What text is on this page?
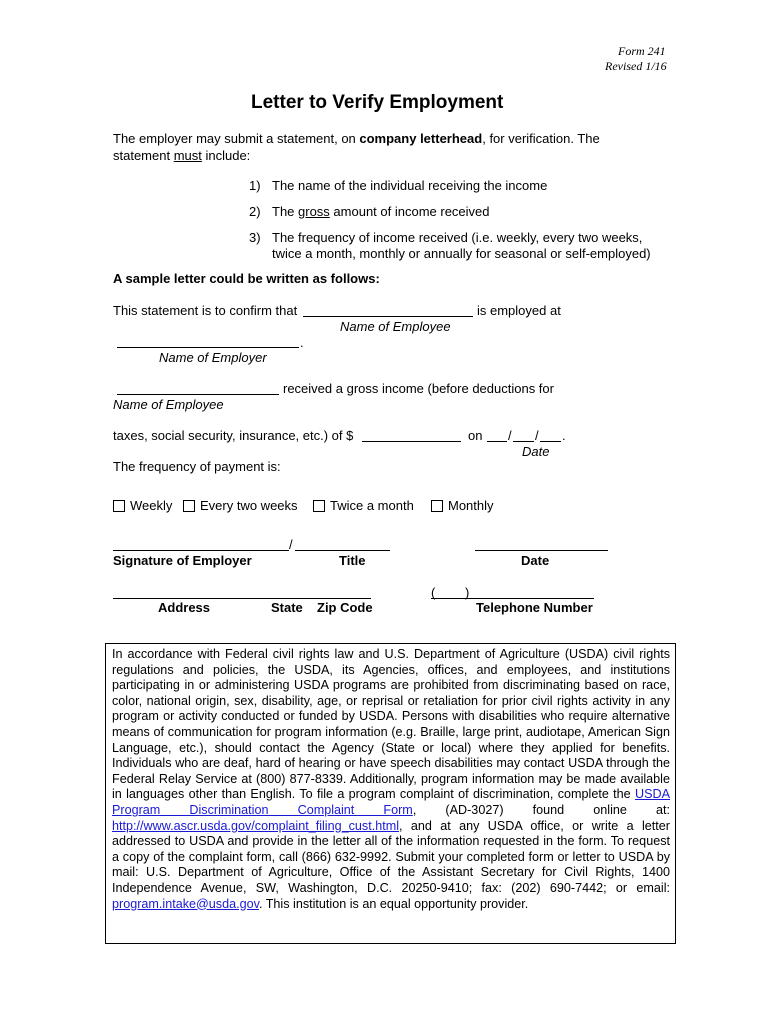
Form 241
Revised 1/16
Letter to Verify Employment
The employer may submit a statement, on company letterhead, for verification. The
statement must include:
1) The name of the individual receiving the income
2) The gross amount of income received
3) The frequency of income received (i.e. weekly, every two weeks,
twice a month, monthly or annually for seasonal or self-employed)
A sample letter could be written as follows:
This statement is to confirm that	is employed at
Name of Employee
.
Name of Employer
received a gross income (before deductions for
Name of Employee
taxes, social security, insurance, etc.) of $	on / / .
Date
The frequency of payment is:
Weekly	Every two weeks	Twice a month	Monthly
/
Signature of Employer	Title	Date
( )
Address	State Zip Code	Telephone Number
In accordance with Federal civil rights law and U.S. Department of Agriculture (USDA) civil rights regulations and policies, the USDA, its Agencies, offices, and employees, and institutions participating in or administering USDA programs are prohibited from discriminating based on race, color, national origin, sex, disability, age, or reprisal or retaliation for prior civil rights activity in any program or activity conducted or funded by USDA. Persons with disabilities who require alternative means of communication for program information (e.g. Braille, large print, audiotape, American Sign Language, etc.), should contact the Agency (State or local) where they applied for benefits. Individuals who are deaf, hard of hearing or have speech disabilities may contact USDA through the Federal Relay Service at (800) 877-8339. Additionally, program information may be made available in languages other than English. To file a program complaint of discrimination, complete the USDA Program Discrimination Complaint Form, (AD-3027) found online at: http://www.ascr.usda.gov/complaint_filing_cust.html, and at any USDA office, or write a letter addressed to USDA and provide in the letter all of the information requested in the form. To request a copy of the complaint form, call (866) 632-9992. Submit your completed form or letter to USDA by mail: U.S. Department of Agriculture, Office of the Assistant Secretary for Civil Rights, 1400 Independence Avenue, SW, Washington, D.C. 20250-9410; fax: (202) 690-7442; or email: program.intake@usda.gov. This institution is an equal opportunity provider.
